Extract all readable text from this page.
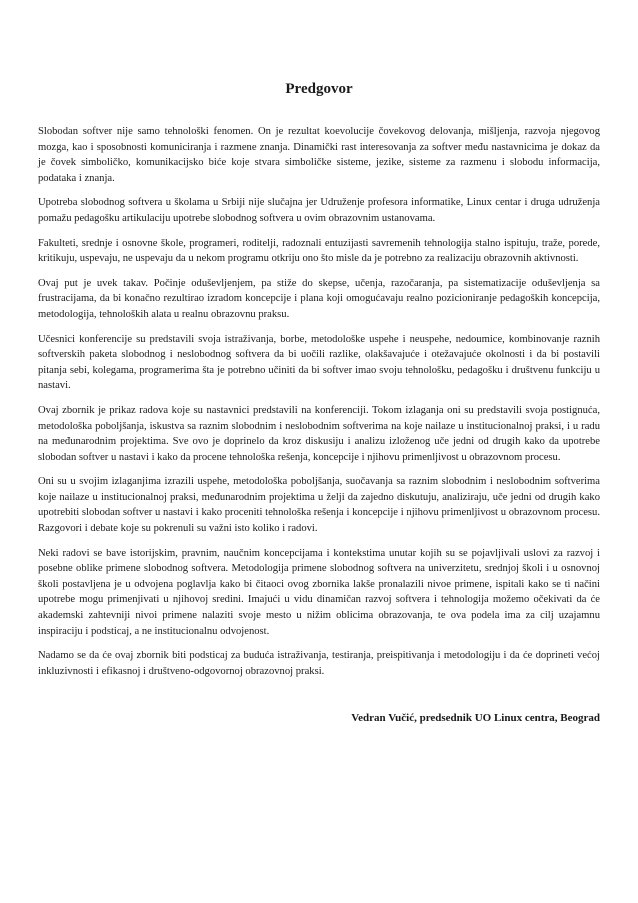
Predgovor

Slobodan softver nije samo tehnološki fenomen. On je rezultat koevolucije čovekovog delovanja, mišljenja, razvoja njegovog mozga, kao i sposobnosti komuniciranja i razmene znanja. Dinamički rast interesovanja za softver među nastavnicima je dokaz da je čovek simboličko, komunikacijsko biće koje stvara simboličke sisteme, jezike, sisteme za razmenu i slobodu informacija, podataka i znanja.

Upotreba slobodnog softvera u školama u Srbiji nije slučajna jer Udruženje profesora informatike, Linux centar i druga udruženja pomažu pedagošku artikulaciju upotrebe slobodnog softvera u ovim obrazovnim ustanovama.

Fakulteti, srednje i osnovne škole, programeri, roditelji, radoznali entuzijasti savremenih tehnologija stalno ispituju, traže, porede, kritikuju, uspevaju, ne uspevaju da u nekom programu otkriju ono što misle da je potrebno za realizaciju obrazovnih aktivnosti.

Ovaj put je uvek takav. Počinje oduševljenjem, pa stiže do skepse, učenja, razočaranja, pa sistematizacije oduševljenja sa frustracijama, da bi konačno rezultirao izradom koncepcije i plana koji omogućavaju realno pozicioniranje pedagoških koncepcija, metodologija, tehnoloških alata u realnu obrazovnu praksu.

Učesnici konferencije su predstavili svoja istraživanja, borbe, metodološke uspehe i neuspehe, nedoumice, kombinovanje raznih softverskih paketa slobodnog i neslobodnog softvera da bi uočili razlike, olakšavajuće i otežavajuće okolnosti i da bi postavili pitanja sebi, kolegama, programerima šta je potrebno učiniti da bi softver imao svoju tehnološku, pedagošku i društvenu funkciju u nastavi.

Ovaj zbornik je prikaz radova koje su nastavnici predstavili na konferenciji. Tokom izlaganja oni su predstavili svoja postignuća, metodološka poboljšanja, iskustva sa raznim slobodnim i neslobodnim softverima na koje nailaze u institucionalnoj praksi, i u radu na međunarodnim projektima. Sve ovo je doprinelo da kroz diskusiju i analizu izloženog uče jedni od drugih kako da upotrebe slobodan softver u nastavi i kako da procene tehnološka rešenja, koncepcije i njihovu primenljivost u obrazovnom procesu.

Oni su u svojim izlaganjima izrazili uspehe, metodološka poboljšanja, suočavanja sa raznim slobodnim i neslobodnim softverima koje nailaze u institucionalnoj praksi, međunarodnim projektima u želji da zajedno diskutuju, analiziraju, uče jedni od drugih kako upotrebiti slobodan softver u nastavi i kako proceniti tehnološka rešenja i koncepcije i njihovu primenljivost u obrazovnom procesu. Razgovori i debate koje su pokrenuli su važni isto koliko i radovi.

Neki radovi se bave istorijskim, pravnim, naučnim koncepcijama i kontekstima unutar kojih su se pojavljivali uslovi za razvoj i posebne oblike primene slobodnog softvera. Metodologija primene slobodnog softvera na univerzitetu, srednjoj školi i u osnovnoj školi postavljena je u odvojena poglavlja kako bi čitaoci ovog zbornika lakše pronalazili nivoe primene, ispitali kako se ti načini upotrebe mogu primenjivati u njihovoj sredini. Imajući u vidu dinamičan razvoj softvera i tehnologija možemo očekivati da će akademski zahtevniji nivoi primene nalaziti svoje mesto u nižim oblicima obrazovanja, te ova podela ima za cilj uzajamnu inspiraciju i podsticaj, a ne institucionalnu odvojenost.

Nadamo se da će ovaj zbornik biti podsticaj za buduća istraživanja, testiranja, preispitivanja i metodologiju i da će doprineti većoj inkluzivnosti i efikasnoj i društveno-odgovornoj obrazovnoj praksi.

Vedran Vučić, predsednik UO Linux centra, Beograd
